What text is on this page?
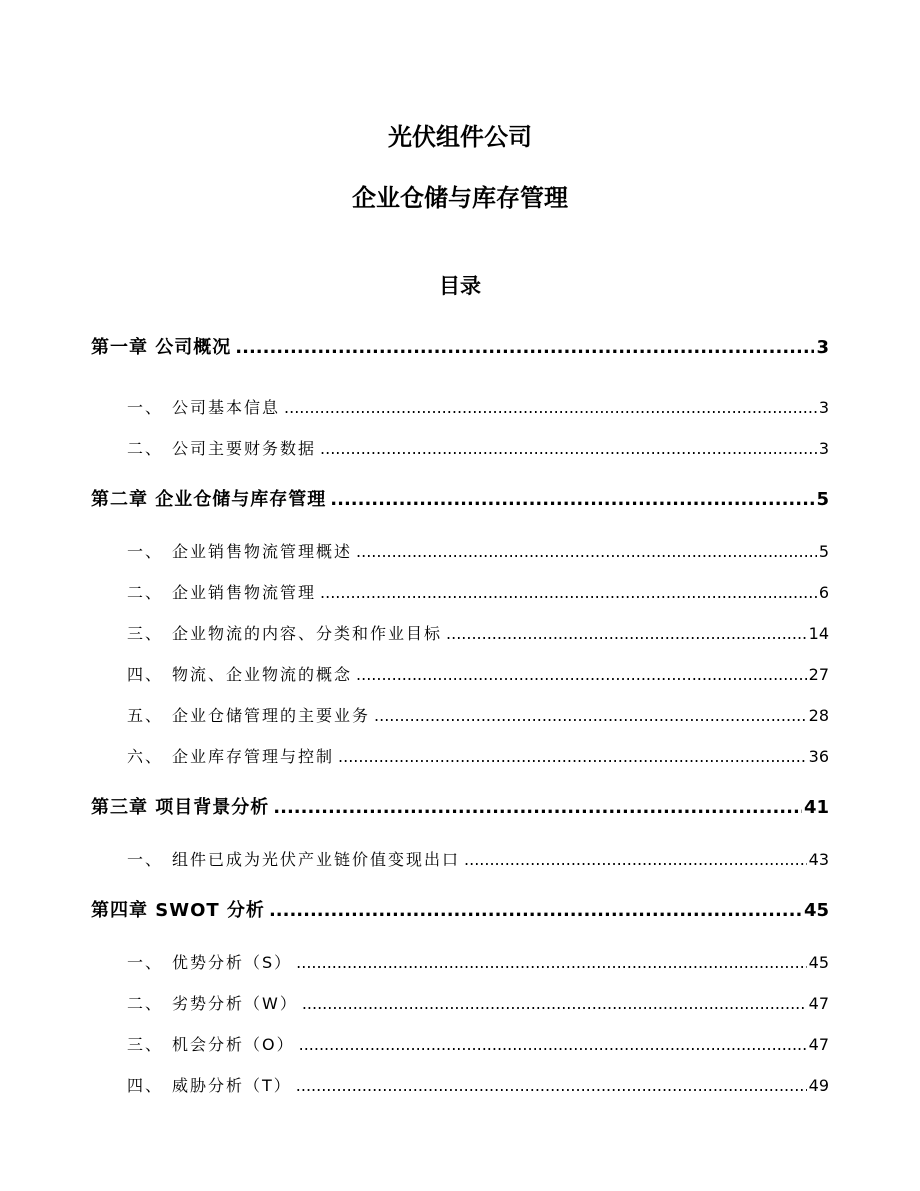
光伏组件公司
企业仓储与库存管理
目录
第一章 公司概况 .....	3
一、 公司基本信息 .....	3
二、 公司主要财务数据 .....	3
第二章 企业仓储与库存管理 .....	5
一、 企业销售物流管理概述 .....	5
二、 企业销售物流管理 .....	6
三、 企业物流的内容、分类和作业目标 .....	14
四、 物流、企业物流的概念 .....	27
五、 企业仓储管理的主要业务 .....	28
六、 企业库存管理与控制 .....	36
第三章 项目背景分析 .....	41
一、 组件已成为光伏产业链价值变现出口 .....	43
第四章 SWOT 分析 .....	45
一、 优势分析（S） .....	45
二、 劣势分析（W） .....	47
三、 机会分析（O） .....	47
四、 威胁分析（T） .....	49
